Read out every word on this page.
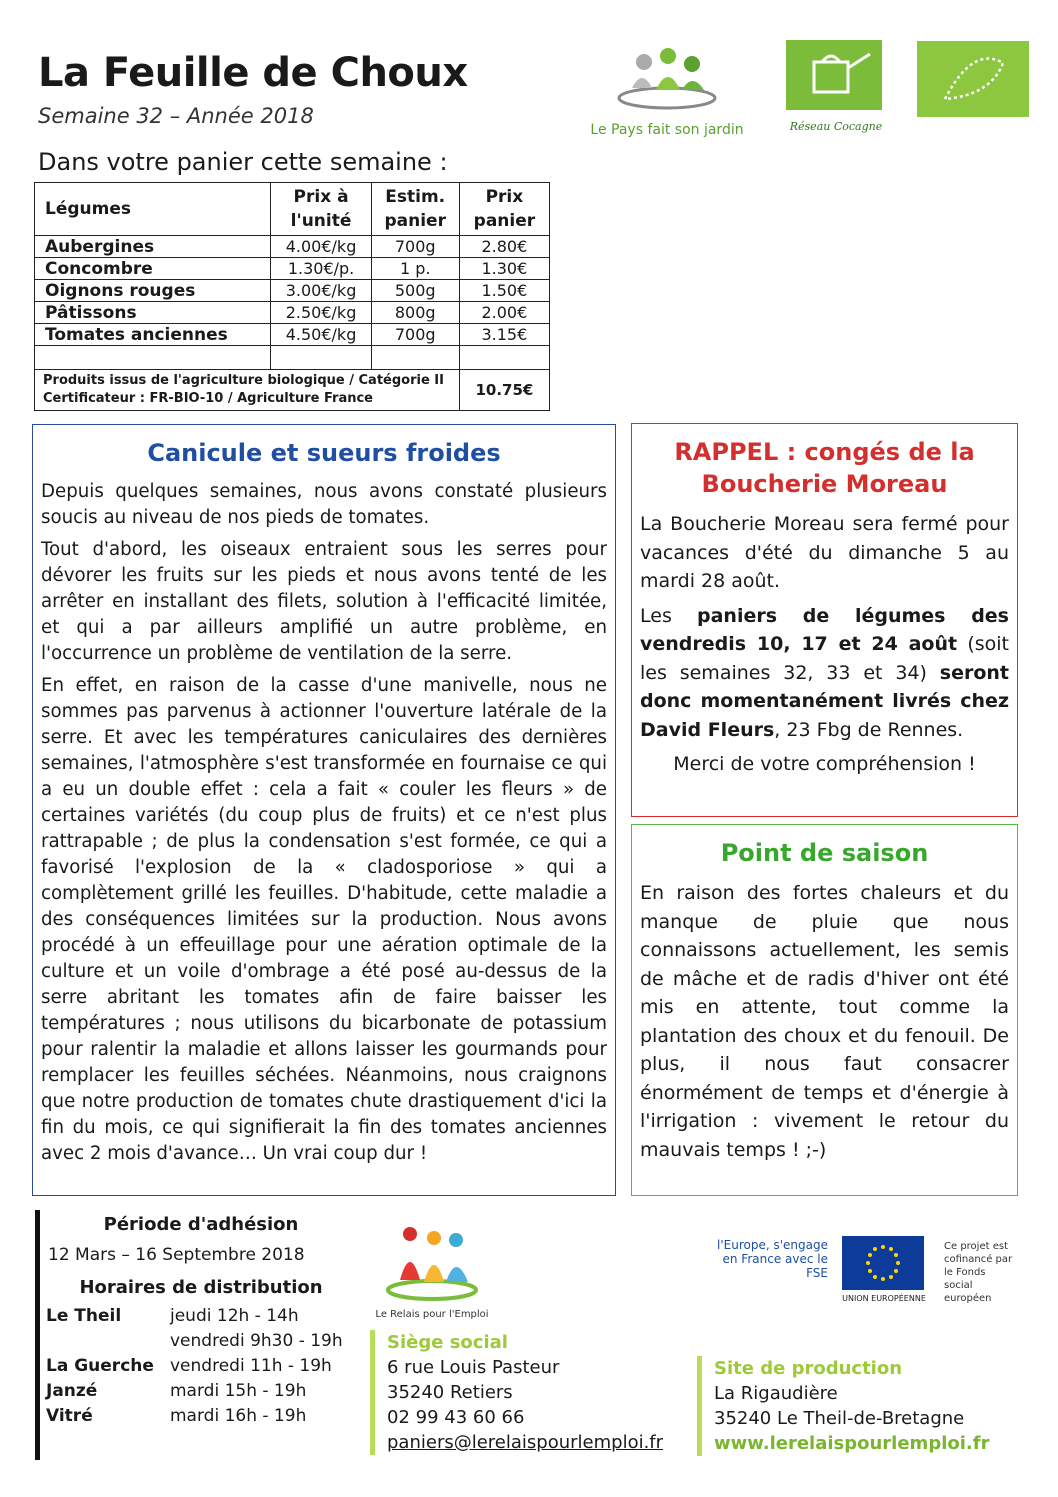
La Feuille de Choux
Semaine 32 – Année 2018
Dans votre panier cette semaine :
Le Pays fait son jardin	Réseau Cocagne
Légumes	Prix à l'unité	Estim. panier	Prix panier
Aubergines	4.00€/kg	700g	2.80€
Concombre	1.30€/p.	1 p.	1.30€
Oignons rouges	3.00€/kg	500g	1.50€
Pâtissons	2.50€/kg	800g	2.00€
Tomates anciennes	4.50€/kg	700g	3.15€

Produits issus de l'agriculture biologique / Catégorie II
Certificateur : FR-BIO-10 / Agriculture France			10.75€
Canicule et sueurs froides

Depuis quelques semaines, nous avons constaté plusieurs soucis au niveau de nos pieds de tomates.

Tout d'abord, les oiseaux entraient sous les serres pour dévorer les fruits sur les pieds et nous avons tenté de les arrêter en installant des filets, solution à l'efficacité limitée, et qui a par ailleurs amplifié un autre problème, en l'occurrence un problème de ventilation de la serre.

En effet, en raison de la casse d'une manivelle, nous ne sommes pas parvenus à actionner l'ouverture latérale de la serre. Et avec les températures caniculaires des dernières semaines, l'atmosphère s'est transformée en fournaise ce qui a eu un double effet : cela a fait « couler les fleurs » de certaines variétés (du coup plus de fruits) et ce n'est plus rattrapable ; de plus la condensation s'est formée, ce qui a favorisé l'explosion de la « cladosporiose » qui a complètement grillé les feuilles. D'habitude, cette maladie a des conséquences limitées sur la production. Nous avons procédé à un effeuillage pour une aération optimale de la culture et un voile d'ombrage a été posé au-dessus de la serre abritant les tomates afin de faire baisser les températures ; nous utilisons du bicarbonate de potassium pour ralentir la maladie et allons laisser les gourmands pour remplacer les feuilles séchées. Néanmoins, nous craignons que notre production de tomates chute drastiquement d'ici la fin du mois, ce qui signifierait la fin des tomates anciennes avec 2 mois d'avance… Un vrai coup dur !

RAPPEL : congés de la Boucherie Moreau

La Boucherie Moreau sera fermé pour vacances d'été du dimanche 5 au mardi 28 août.

Les paniers de légumes des vendredis 10, 17 et 24 août (soit les semaines 32, 33 et 34) seront donc momentanément livrés chez David Fleurs, 23 Fbg de Rennes.

Merci de votre compréhension !

Point de saison

En raison des fortes chaleurs et du manque de pluie que nous connaissons actuellement, les semis de mâche et de radis d'hiver ont été mis en attente, tout comme la plantation des choux et du fenouil. De plus, il nous faut consacrer énormément de temps et d'énergie à l'irrigation : vivement le retour du mauvais temps ! ;-)

Période d'adhésion
12 Mars – 16 Septembre 2018
Horaires de distribution
Le Theil	jeudi 12h - 14h
vendredi 9h30 - 19h
La Guerche vendredi 11h - 19h
Janzé	mardi 15h - 19h
Vitré	mardi 16h - 19h
Le Relais pour l'Emploi
Siège social
6 rue Louis Pasteur
35240 Retiers
02 99 43 60 66
paniers@lerelaispourlemploi.fr
l'Europe, s'engage en France avec le FSE
UNION EUROPÉENNE
Ce projet est cofinancé par le Fonds social européen
Site de production
La Rigaudière
35240 Le Theil-de-Bretagne
www.lerelaispourlemploi.fr
